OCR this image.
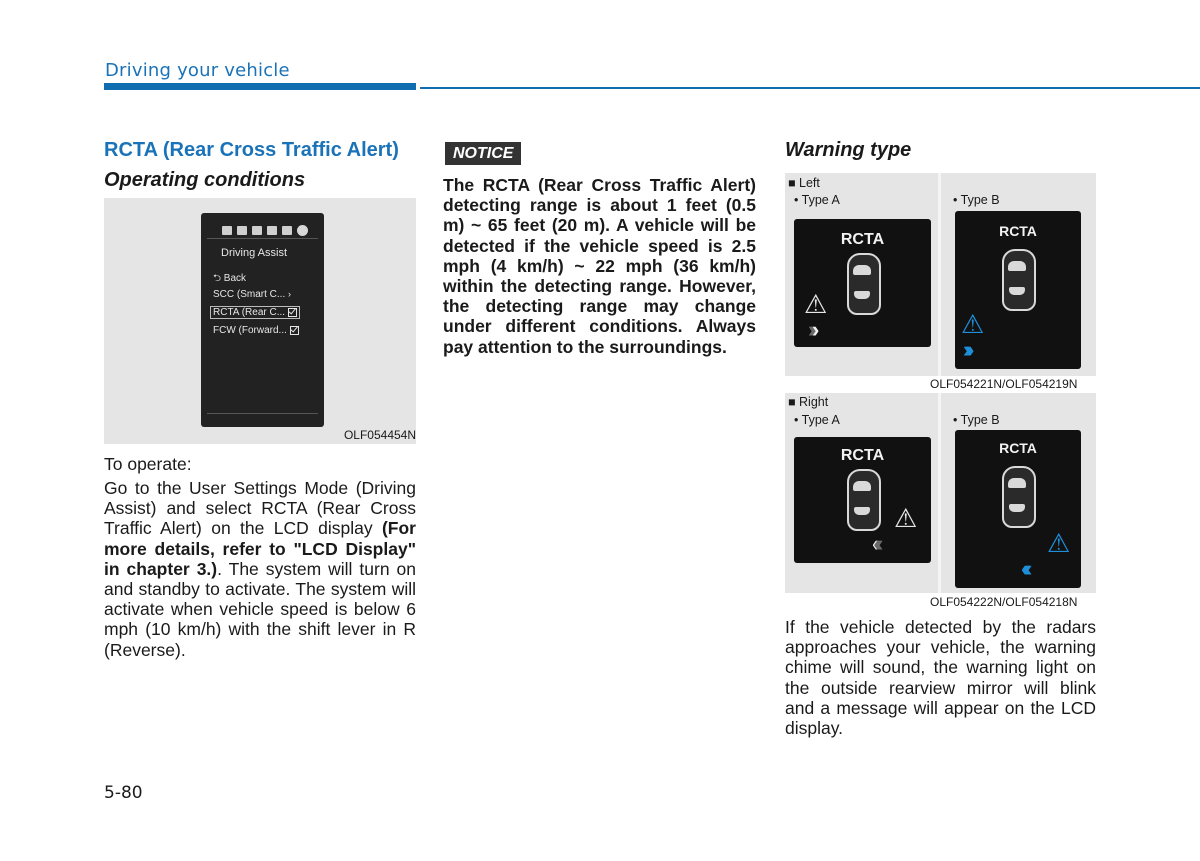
Driving your vehicle
RCTA (Rear Cross Traffic Alert)
Operating conditions
Driving Assist
⮌ Back
SCC (Smart C... ›
RCTA (Rear C...
FCW (Forward...
OLF054454N
To operate:
Go to the User Settings Mode (Driving Assist) and select RCTA (Rear Cross Traffic Alert) on the LCD display (For more details, refer to "LCD Display" in chapter 3.). The system will turn on and standby to activate. The system will activate when vehicle speed is below 6 mph (10 km/h) with the shift lever in R (Reverse).
NOTICE
The RCTA (Rear Cross Traffic Alert) detecting range is about 1 feet (0.5 m) ~ 65 feet (20 m). A vehicle will be detected if the vehicle speed is 2.5 mph (4 km/h) ~ 22 mph (36 km/h) within the detecting range. However, the detecting range may change under different conditions. Always pay attention to the surroundings.
Warning type
■ Left
• Type A	• Type B
RCTA
⚠
››››
RCTA
⚠
››››
OLF054221N/OLF054219N
■ Right
• Type A	• Type B
RCTA
⚠
‹‹‹‹
RCTA
⚠
‹‹‹‹
OLF054222N/OLF054218N
If the vehicle detected by the radars approaches your vehicle, the warning chime will sound, the warning light on the outside rearview mirror will blink and a message will appear on the LCD display.
5-80
